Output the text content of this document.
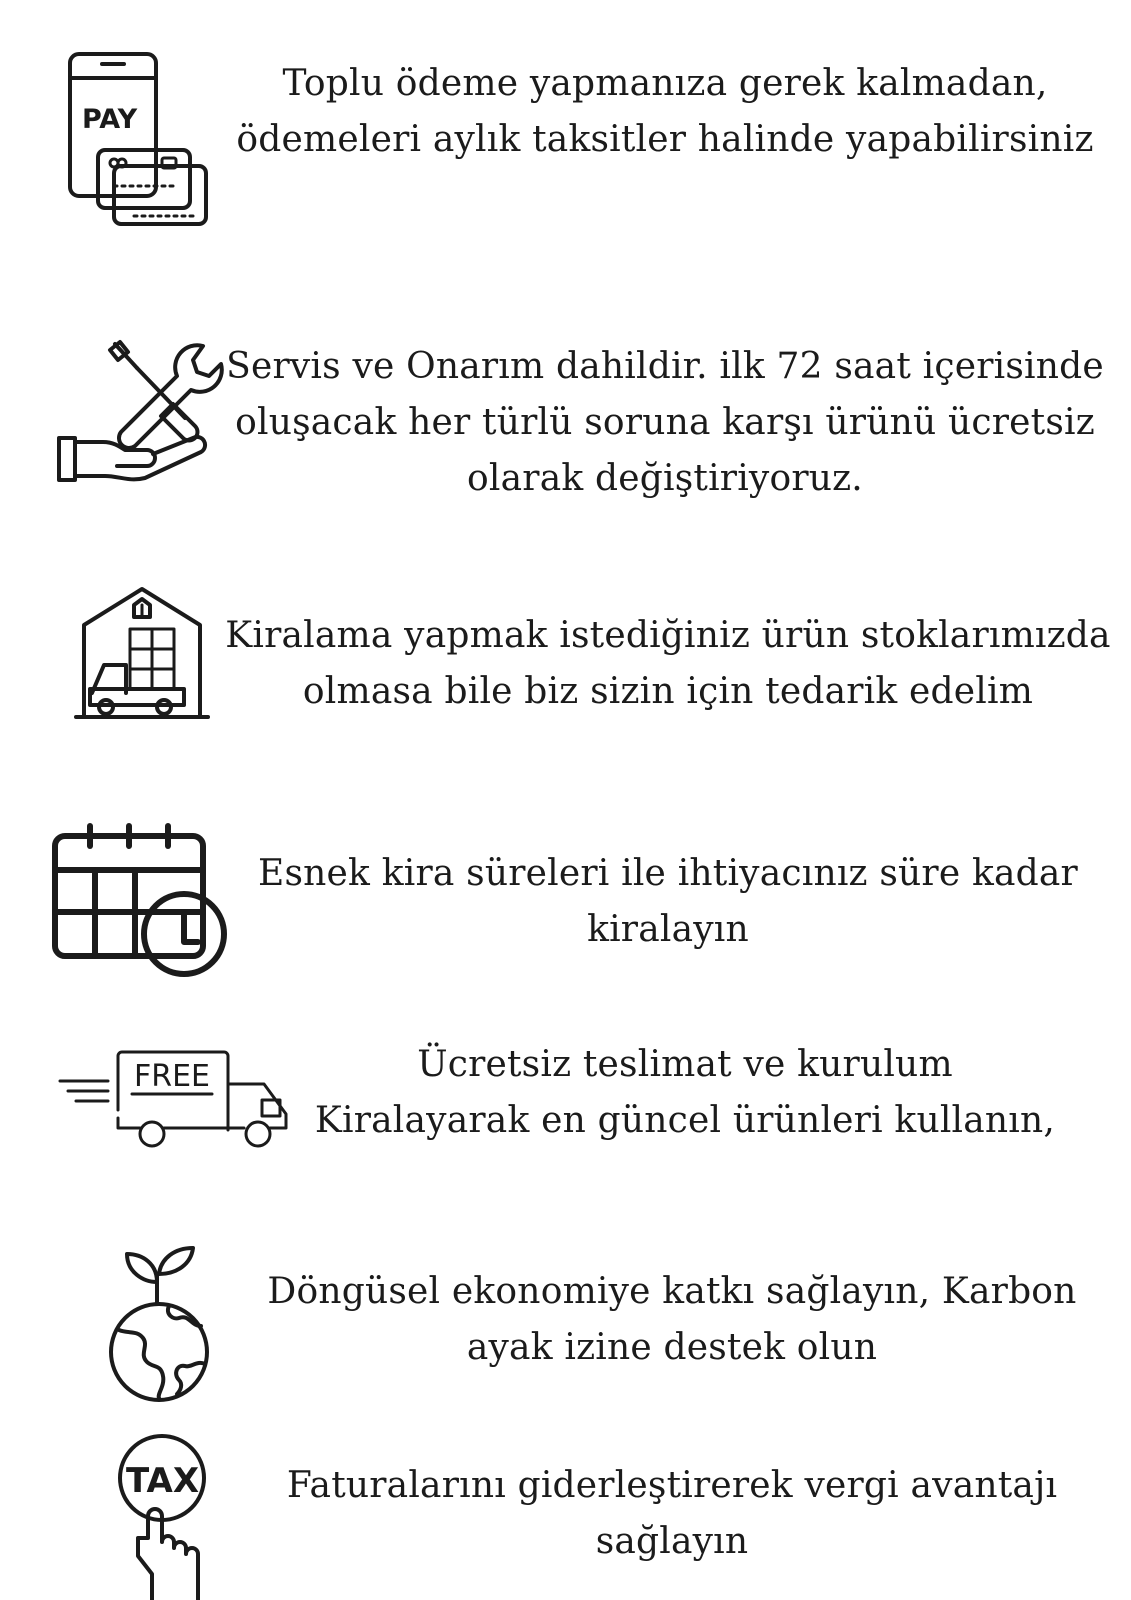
PAY
Toplu ödeme yapmanıza gerek kalmadan,
ödemeleri aylık taksitler halinde yapabilirsiniz
Servis ve Onarım dahildir. ilk 72 saat içerisinde
oluşacak her türlü soruna karşı ürünü ücretsiz
olarak değiştiriyoruz.
Kiralama yapmak istediğiniz ürün stoklarımızda
olmasa bile biz sizin için tedarik edelim
Esnek kira süreleri ile ihtiyacınız süre kadar
kiralayın
FREE	Ücretsiz teslimat ve kurulum
Kiralayarak en güncel ürünleri kullanın,
Döngüsel ekonomiye katkı sağlayın, Karbon
ayak izine destek olun
TAX	Faturalarını giderleştirerek vergi avantajı
sağlayın
